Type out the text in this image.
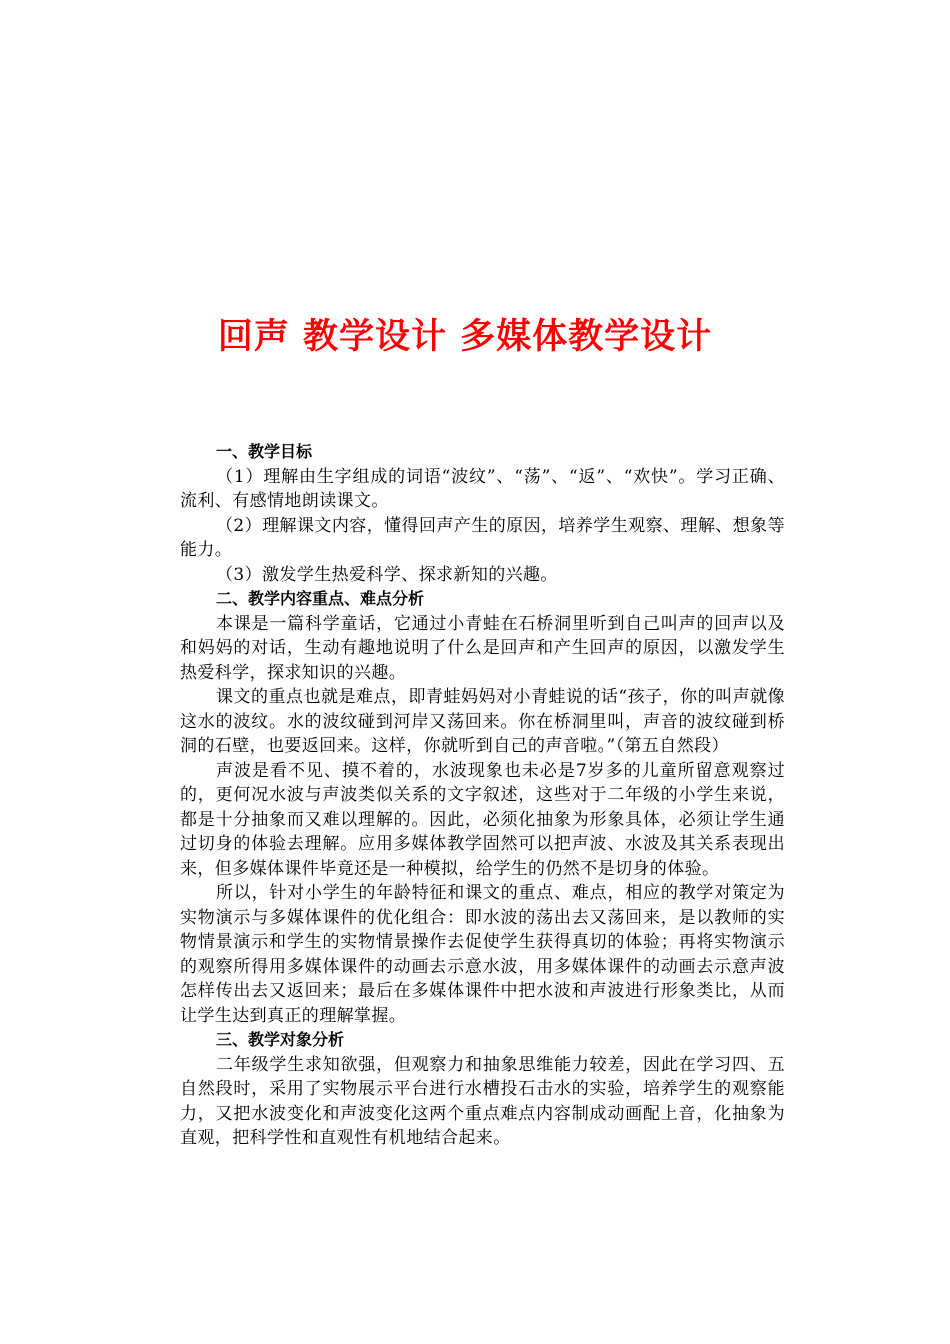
回声 教学设计 多媒体教学设计

一、教学目标

（1）理解由生字组成的词语“波纹”、“荡”、“返”、“欢快”。学习正确、流利、有感情地朗读课文。

（2）理解课文内容，懂得回声产生的原因，培养学生观察、理解、想象等能力。

（3）激发学生热爱科学、探求新知的兴趣。

二、教学内容重点、难点分析

本课是一篇科学童话，它通过小青蛙在石桥洞里听到自己叫声的回声以及和妈妈的对话，生动有趣地说明了什么是回声和产生回声的原因，以激发学生热爱科学，探求知识的兴趣。

课文的重点也就是难点，即青蛙妈妈对小青蛙说的话“孩子，你的叫声就像这水的波纹。水的波纹碰到河岸又荡回来。你在桥洞里叫，声音的波纹碰到桥洞的石壁，也要返回来。这样，你就听到自己的声音啦。”（第五自然段）

声波是看不见、摸不着的，水波现象也未必是7岁多的儿童所留意观察过的，更何况水波与声波类似关系的文字叙述，这些对于二年级的小学生来说，都是十分抽象而又难以理解的。因此，必须化抽象为形象具体，必须让学生通过切身的体验去理解。应用多媒体教学固然可以把声波、水波及其关系表现出来，但多媒体课件毕竟还是一种模拟，给学生的仍然不是切身的体验。

所以，针对小学生的年龄特征和课文的重点、难点，相应的教学对策定为实物演示与多媒体课件的优化组合：即水波的荡出去又荡回来，是以教师的实物情景演示和学生的实物情景操作去促使学生获得真切的体验；再将实物演示的观察所得用多媒体课件的动画去示意水波，用多媒体课件的动画去示意声波怎样传出去又返回来；最后在多媒体课件中把水波和声波进行形象类比，从而让学生达到真正的理解掌握。

三、教学对象分析

二年级学生求知欲强，但观察力和抽象思维能力较差，因此在学习四、五自然段时，采用了实物展示平台进行水槽投石击水的实验，培养学生的观察能力，又把水波变化和声波变化这两个重点难点内容制成动画配上音，化抽象为直观，把科学性和直观性有机地结合起来。
